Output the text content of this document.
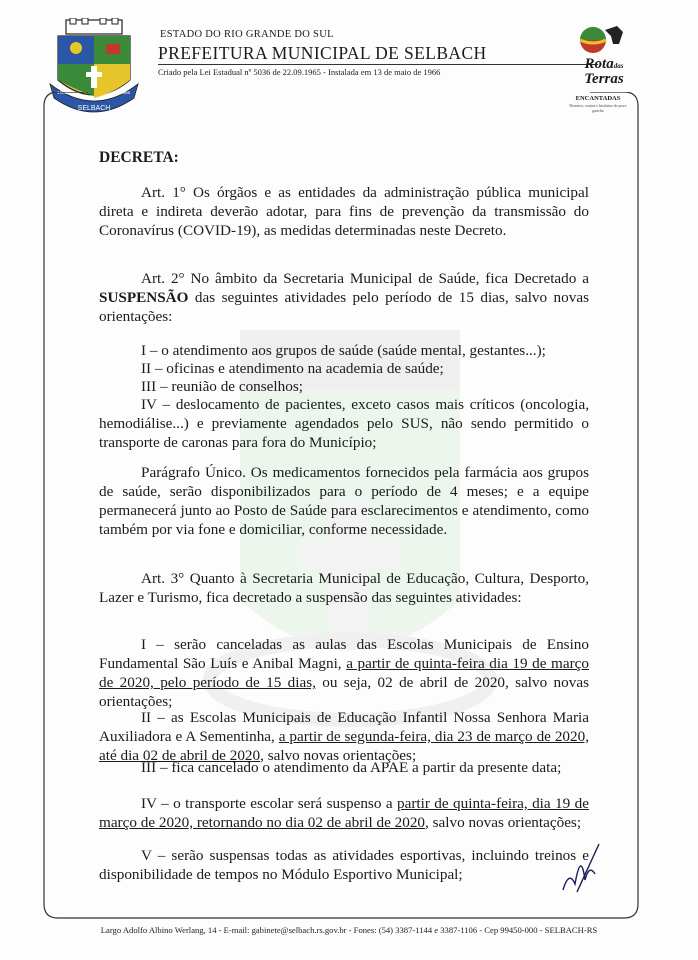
SELBACH
1965	1966
ESTADO DO RIO GRANDE DO SUL
PREFEITURA MUNICIPAL DE SELBACH
Criado pela Lei Estadual nº 5036 de 22.09.1965 - Instalada em 13 de maio de 1966	Rotadas
Terras
ENCANTADAS
Passeios, contos e histórias do povo gaúcho
DECRETA:
Art. 1° Os órgãos e as entidades da administração pública municipal direta e indireta deverão adotar, para fins de prevenção da transmissão do Coronavírus (COVID-19), as medidas determinadas neste Decreto.
Art. 2° No âmbito da Secretaria Municipal de Saúde, fica Decretado a SUSPENSÃO das seguintes atividades pelo período de 15 dias, salvo novas orientações:
I – o atendimento aos grupos de saúde (saúde mental, gestantes...);
II – oficinas e atendimento na academia de saúde;
III – reunião de conselhos;
IV – deslocamento de pacientes, exceto casos mais críticos (oncologia, hemodiálise...) e previamente agendados pelo SUS, não sendo permitido o transporte de caronas para fora do Município;
Parágrafo Único. Os medicamentos fornecidos pela farmácia aos grupos de saúde, serão disponibilizados para o período de 4 meses; e a equipe permanecerá junto ao Posto de Saúde para esclarecimentos e atendimento, como também por via fone e domiciliar, conforme necessidade.
Art. 3° Quanto à Secretaria Municipal de Educação, Cultura, Desporto, Lazer e Turismo, fica decretado a suspensão das seguintes atividades:
I – serão canceladas as aulas das Escolas Municipais de Ensino Fundamental São Luís e Anibal Magni, a partir de quinta-feira dia 19 de março de 2020, pelo período de 15 dias, ou seja, 02 de abril de 2020, salvo novas orientações;
II – as Escolas Municipais de Educação Infantil Nossa Senhora Maria Auxiliadora e A Sementinha, a partir de segunda-feira, dia 23 de março de 2020, até dia 02 de abril de 2020, salvo novas orientações;
III – fica cancelado o atendimento da APAE a partir da presente data;
IV – o transporte escolar será suspenso a partir de quinta-feira, dia 19 de março de 2020, retornando no dia 02 de abril de 2020, salvo novas orientações;
V – serão suspensas todas as atividades esportivas, incluindo treinos e disponibilidade de tempos no Módulo Esportivo Municipal;
Largo Adolfo Albino Werlang, 14 - E-mail: gabinete@selbach.rs.gov.br - Fones: (54) 3387-1144 e 3387-1106 - Cep 99450-000 - SELBACH-RS
